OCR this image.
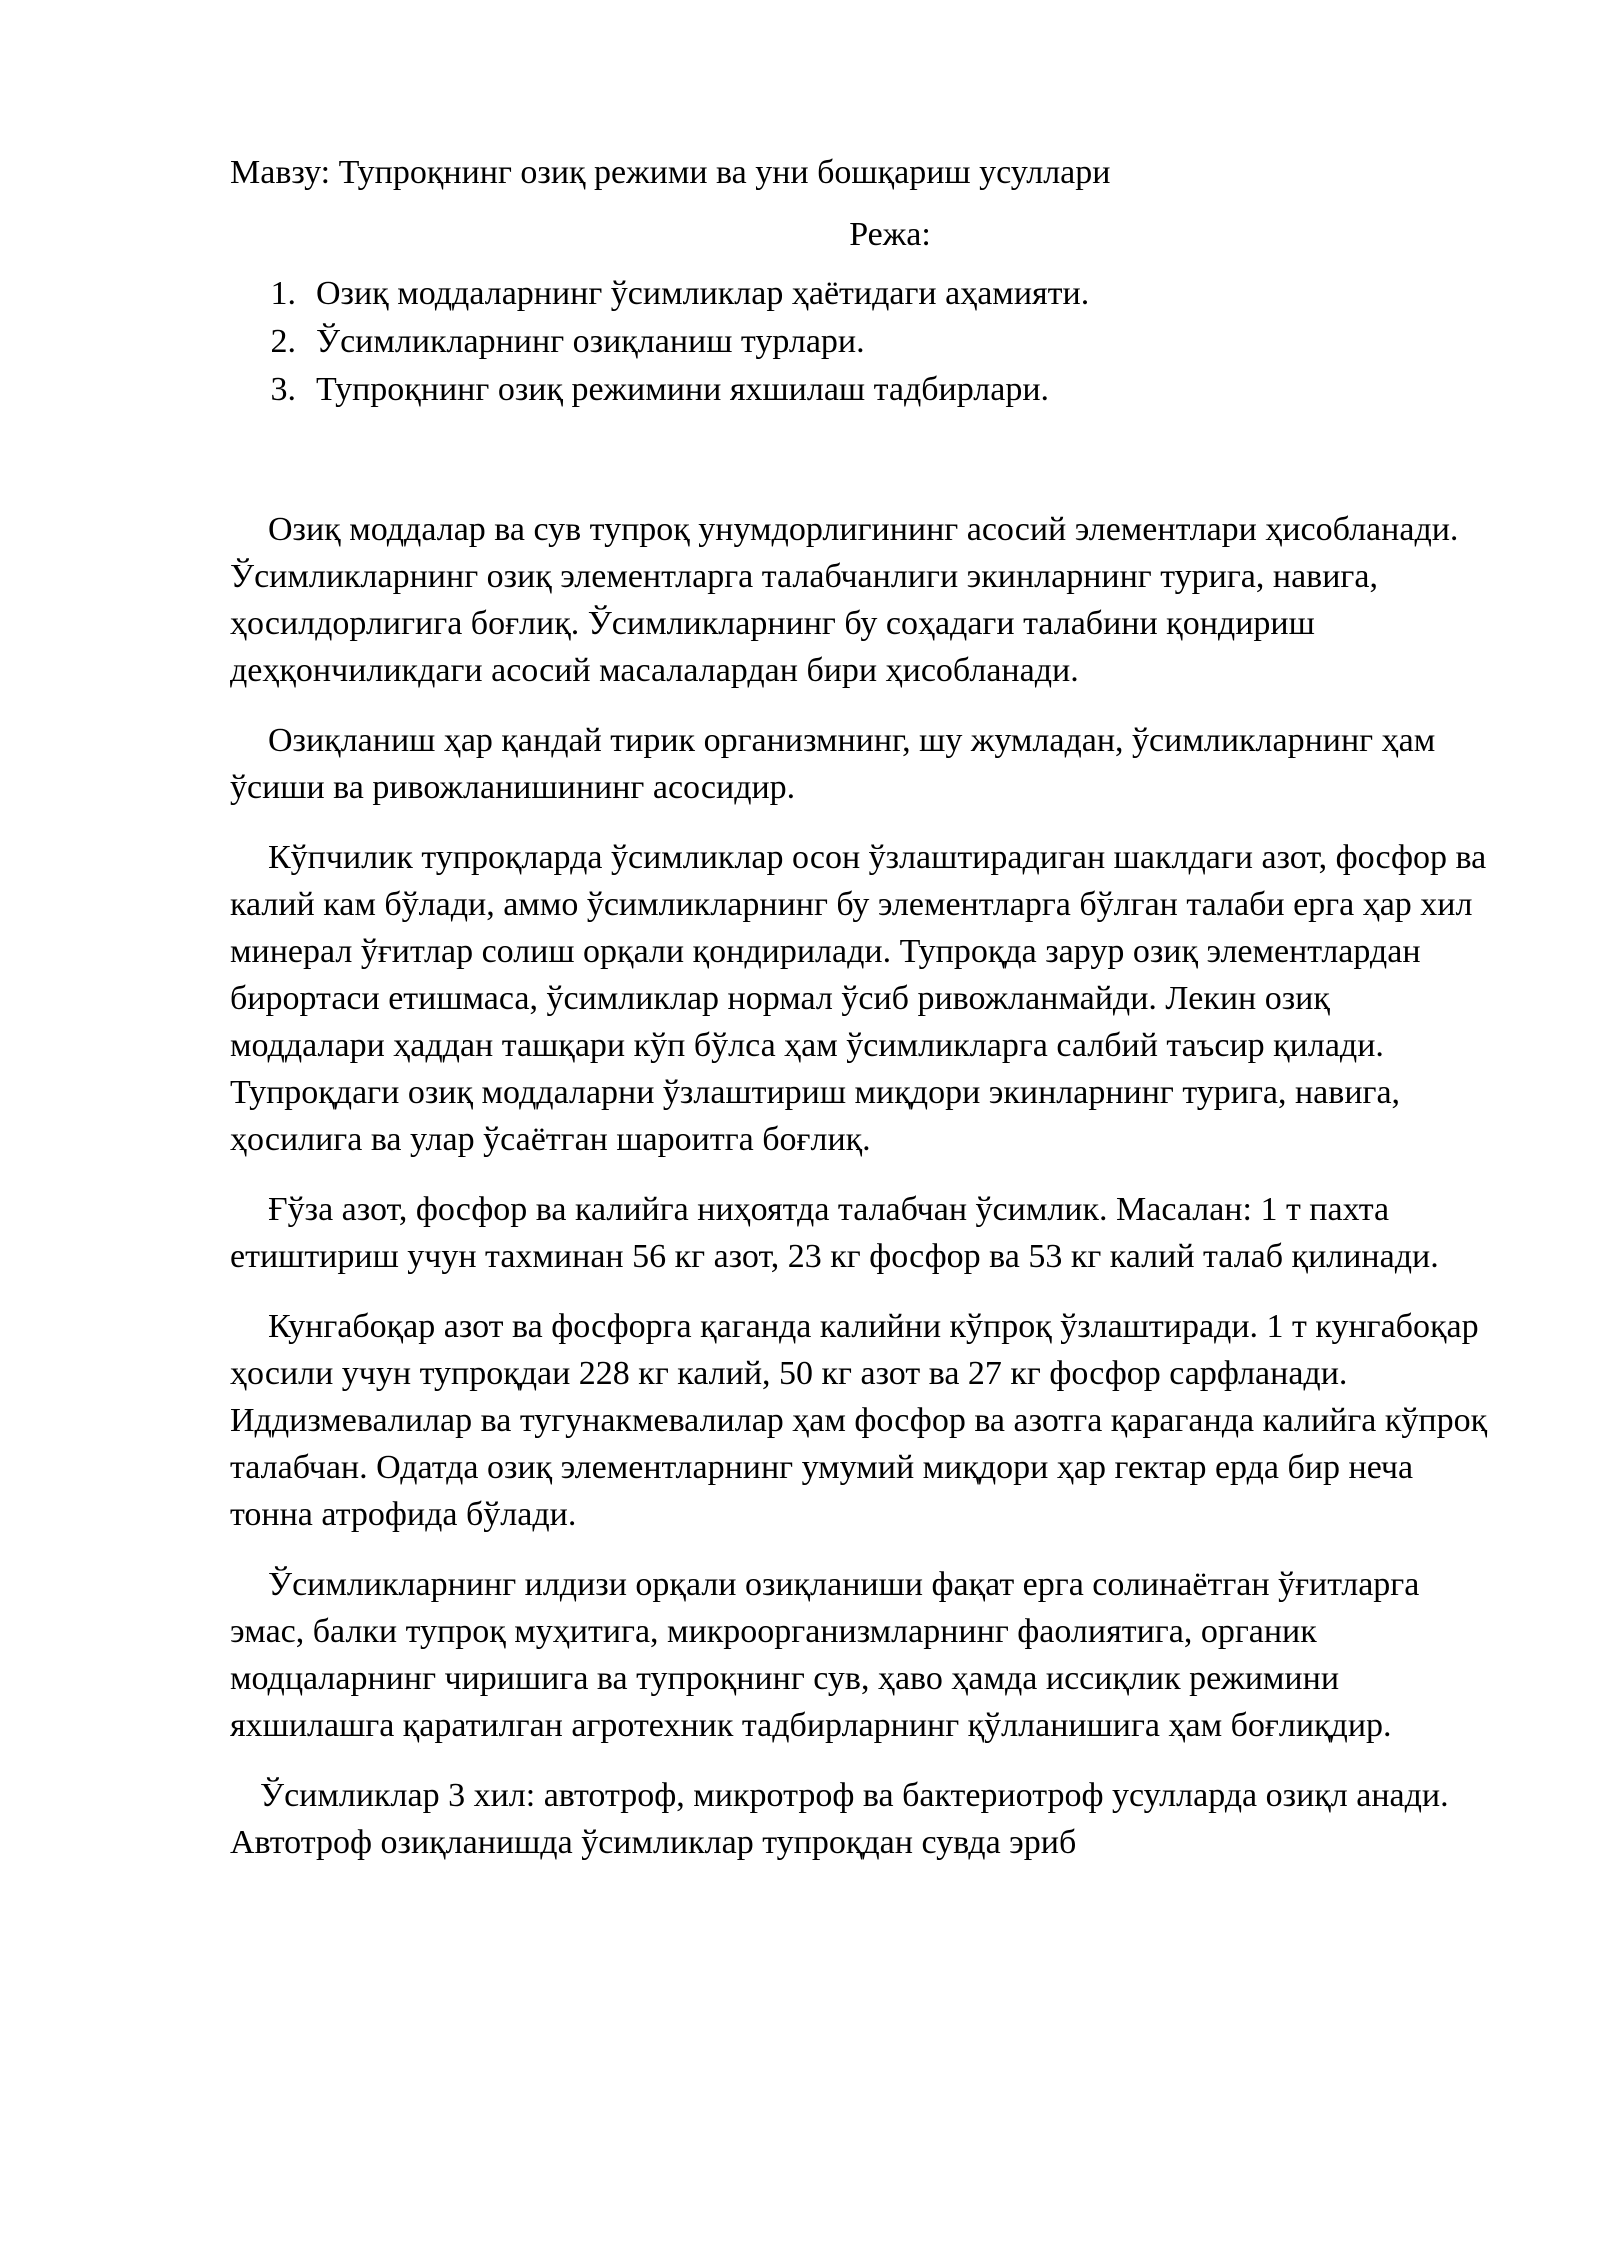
Мавзу: Тупроқнинг озиқ режими ва уни бошқариш усуллари

Режа:

1. Озиқ моддаларнинг ўсимликлар ҳаётидаги аҳамияти.
2. Ўсимликларнинг озиқланиш турлари.
3. Тупроқнинг озиқ режимини яхшилаш тадбирлари.

Озиқ моддалар ва сув тупроқ унумдорлигининг асосий элементлари ҳисобланади. Ўсимликларнинг озиқ элементларга талабчанлиги экинларнинг турига, навига, ҳосилдорлигига боғлиқ. Ўсимликларнинг бу соҳадаги талабини қондириш деҳқончиликдаги асосий масалалардан бири ҳисобланади.

Озиқланиш ҳар қандай тирик организмнинг, шу жумладан, ўсимликларнинг ҳам ўсиши ва ривожланишининг асосидир.

Кўпчилик тупроқларда ўсимликлар осон ўзлаштирадиган шаклдаги азот, фосфор ва калий кам бўлади, аммо ўсимликларнинг бу элементларга бўлган талаби ерга ҳар хил минерал ўғитлар солиш орқали қондирилади. Тупроқда зарур озиқ элементлардан бирортаси етишмаса, ўсимликлар нормал ўсиб ривожланмайди. Лекин озиқ моддалари ҳаддан ташқари кўп бўлса ҳам ўсимликларга салбий таъсир қилади. Тупроқдаги озиқ моддаларни ўзлаштириш миқдори экинларнинг турига, навига, ҳосилига ва улар ўсаётган шароитга боғлиқ.

Ғўза азот, фосфор ва калийга ниҳоятда талабчан ўсимлик. Масалан: 1 т пахта етиштириш учун тахминан 56 кг азот, 23 кг фосфор ва 53 кг калий талаб қилинади.

Кунгабоқар азот ва фосфорга қаганда калийни кўпроқ ўзлаштиради. 1 т кунгабоқар ҳосили учун тупроқдаи 228 кг калий, 50 кг азот ва 27 кг фосфор сарфланади. Иддизмевалилар ва тугунакмевалилар ҳам фосфор ва азотга қараганда калийга кўпроқ талабчан. Одатда озиқ элементларнинг умумий миқдори ҳар гектар ерда бир неча тонна атрофида бўлади.

Ўсимликларнинг илдизи орқали озиқланиши фақат ерга солинаётган ўғитларга эмас, балки тупроқ муҳитига, микроорганизмларнинг фаолиятига, органик модцаларнинг чиришига ва тупроқнинг сув, ҳаво ҳамда иссиқлик режимини яхшилашга қаратилган агротехник тадбирларнинг қўлланишига ҳам боғлиқдир.

Ўсимликлар 3 хил: автотроф, микротроф ва бактериотроф усулларда озиқл анади. Автотроф озиқланишда ўсимликлар тупроқдан сувда эриб
